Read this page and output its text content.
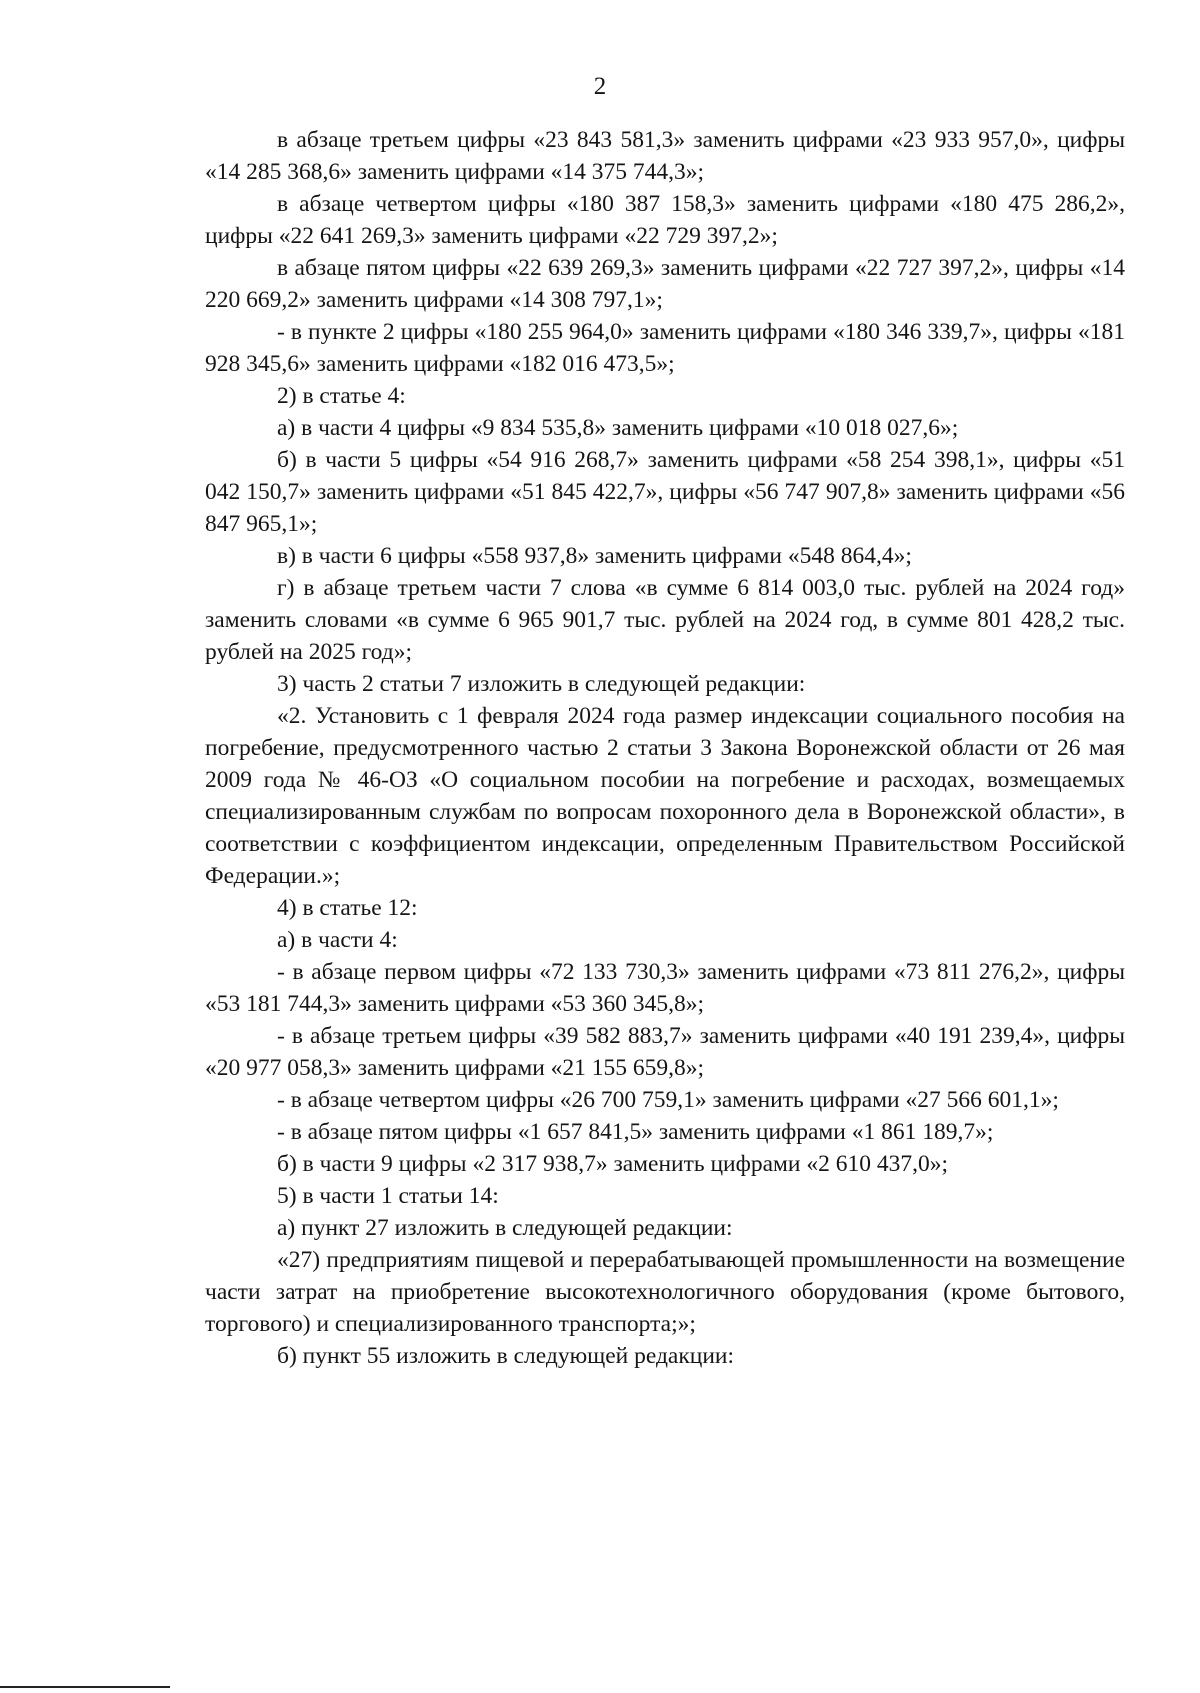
2

в абзаце третьем цифры «23 843 581,3» заменить цифрами «23 933 957,0», цифры «14 285 368,6» заменить цифрами «14 375 744,3»;

в абзаце четвертом цифры «180 387 158,3» заменить цифрами «180 475 286,2», цифры «22 641 269,3» заменить цифрами «22 729 397,2»;

в абзаце пятом цифры «22 639 269,3» заменить цифрами «22 727 397,2», цифры «14 220 669,2» заменить цифрами «14 308 797,1»;

- в пункте 2 цифры «180 255 964,0» заменить цифрами «180 346 339,7», цифры «181 928 345,6» заменить цифрами «182 016 473,5»;

2) в статье 4:

а) в части 4 цифры «9 834 535,8» заменить цифрами «10 018 027,6»;

б) в части 5 цифры «54 916 268,7» заменить цифрами «58 254 398,1», цифры «51 042 150,7» заменить цифрами «51 845 422,7», цифры «56 747 907,8» заменить цифрами «56 847 965,1»;

в) в части 6 цифры «558 937,8» заменить цифрами «548 864,4»;

г) в абзаце третьем части 7 слова «в сумме 6 814 003,0 тыс. рублей на 2024 год» заменить словами «в сумме 6 965 901,7 тыс. рублей на 2024 год, в сумме 801 428,2 тыс. рублей на 2025 год»;

3) часть 2 статьи 7 изложить в следующей редакции:

«2. Установить с 1 февраля 2024 года размер индексации социального пособия на погребение, предусмотренного частью 2 статьи 3 Закона Воронежской области от 26 мая 2009 года № 46-ОЗ «О социальном пособии на погребение и расходах, возмещаемых специализированным службам по вопросам похоронного дела в Воронежской области», в соответствии с коэффициентом индексации, определенным Правительством Российской Федерации.»;

4) в статье 12:

а) в части 4:

- в абзаце первом цифры «72 133 730,3» заменить цифрами «73 811 276,2», цифры «53 181 744,3» заменить цифрами «53 360 345,8»;

- в абзаце третьем цифры «39 582 883,7» заменить цифрами «40 191 239,4», цифры «20 977 058,3» заменить цифрами «21 155 659,8»;

- в абзаце четвертом цифры «26 700 759,1» заменить цифрами «27 566 601,1»;

- в абзаце пятом цифры «1 657 841,5» заменить цифрами «1 861 189,7»;

б) в части 9 цифры «2 317 938,7» заменить цифрами «2 610 437,0»;

5) в части 1 статьи 14:

а) пункт 27 изложить в следующей редакции:

«27) предприятиям пищевой и перерабатывающей промышленности на возмещение части затрат на приобретение высокотехнологичного оборудования (кроме бытового, торгового) и специализированного транспорта;»;

б) пункт 55 изложить в следующей редакции:
